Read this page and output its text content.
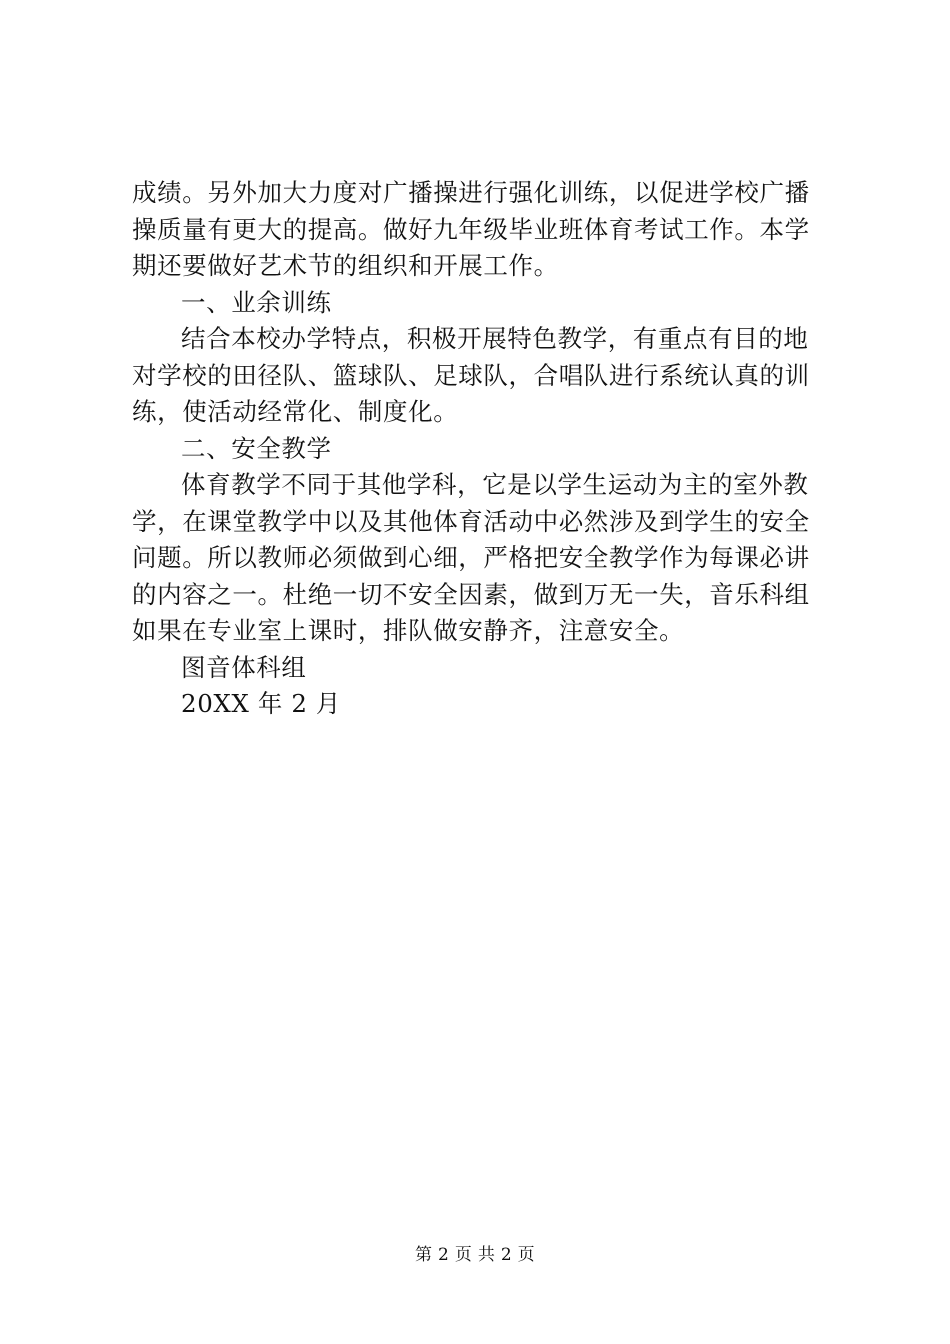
成绩。另外加大力度对广播操进行强化训练，以促进学校广播操质量有更大的提高。做好九年级毕业班体育考试工作。本学期还要做好艺术节的组织和开展工作。

一、业余训练

结合本校办学特点，积极开展特色教学，有重点有目的地对学校的田径队、篮球队、足球队，合唱队进行系统认真的训练，使活动经常化、制度化。

二、安全教学

体育教学不同于其他学科，它是以学生运动为主的室外教学，在课堂教学中以及其他体育活动中必然涉及到学生的安全问题。所以教师必须做到心细，严格把安全教学作为每课必讲的内容之一。杜绝一切不安全因素，做到万无一失，音乐科组如果在专业室上课时，排队做安静齐，注意安全。

图音体科组

20XX 年 2 月

第 2 页 共 2 页
